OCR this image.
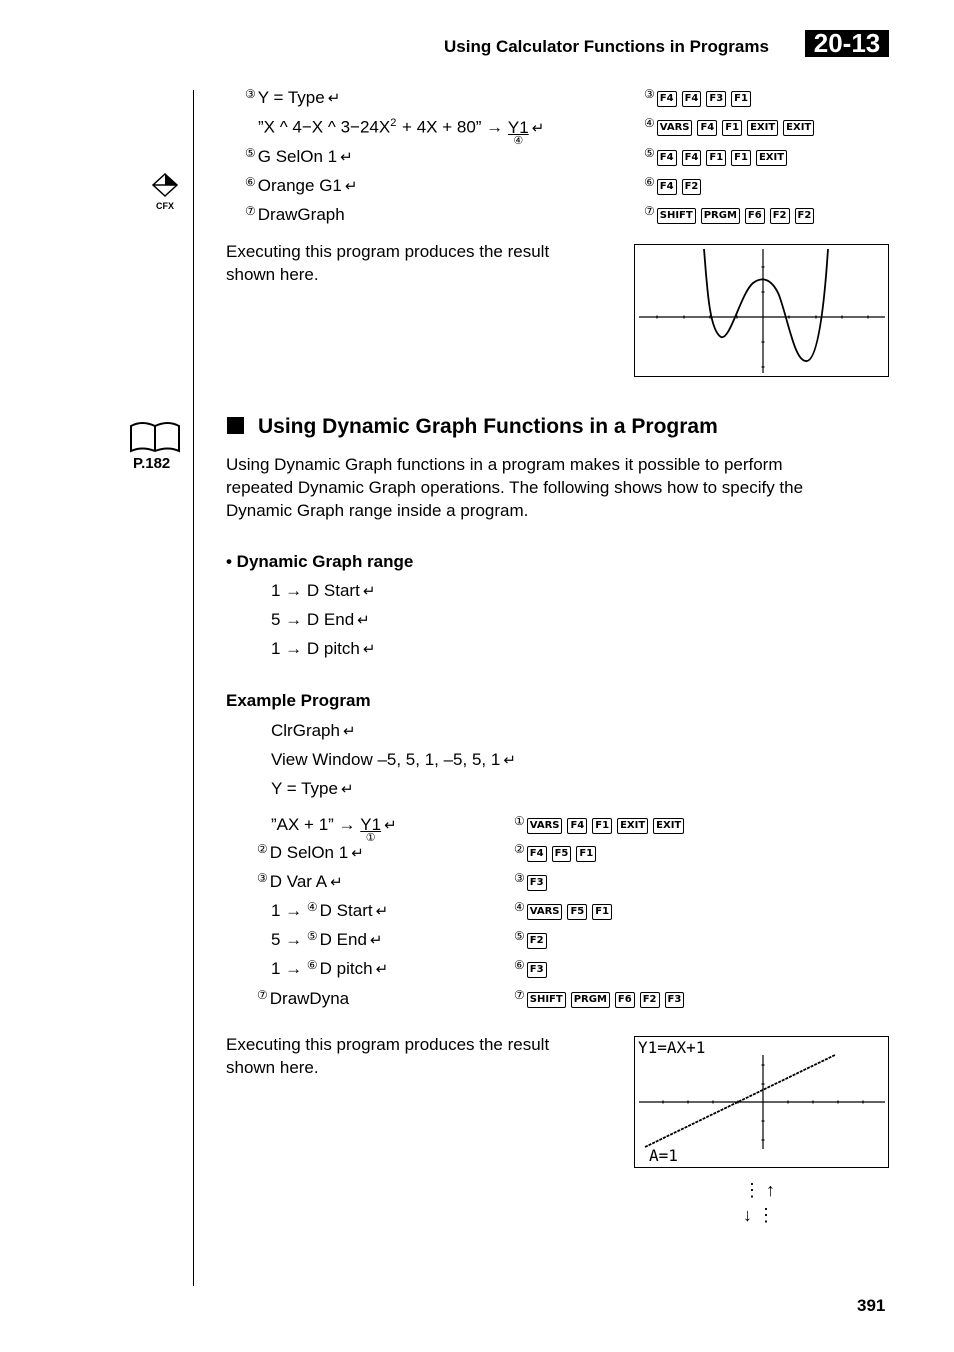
Using Calculator Functions in Programs	20-13
CFX
P.182
③ Y = Type ↵
”X ^ 4−X ^ $3-24X^2 + 4X + 80$” → Y1
④
↵
⑤ G SelOn 1 ↵
⑥ Orange G1 ↵
⑦ DrawGraph
③ F4 F4 F3 F1
④ VARS F4 F1 EXIT EXIT
⑤ F4 F4 F1 F1 EXIT
⑥ F4 F2
⑦ SHIFT PRGM F6 F2 F2
Executing this program produces the result
shown here.
Using Dynamic Graph Functions in a Program
Using Dynamic Graph functions in a program makes it possible to perform
repeated Dynamic Graph operations. The following shows how to specify the
Dynamic Graph range inside a program.
• Dynamic Graph range
1 → D Start ↵
5 → D End ↵
1 → D pitch ↵
Example Program
ClrGraph ↵
View Window –5, 5, 1, –5, 5, 1 ↵
Y = Type ↵
”AX + 1” → Y1
①
↵
② D SelOn 1 ↵
③ D Var A ↵
1 → ④ D Start ↵
5 → ⑤ D End ↵
1 → ⑥ D pitch ↵
⑦ DrawDyna
① VARS F4 F1 EXIT EXIT
② F4 F5 F1
③ F3
④ VARS F5 F1
⑤ F2
⑥ F3
⑦ SHIFT PRGM F6 F2 F3
Executing this program produces the result
shown here.
Y1=AX+1
A=1
⋮ ↑
↓ ⋮
391
